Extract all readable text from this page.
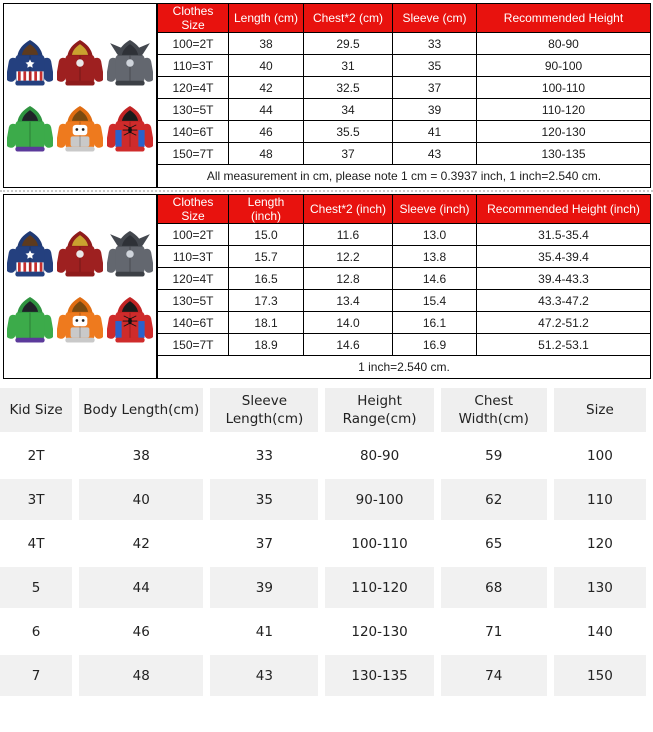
Clothes Size	Length (cm)	Chest*2 (cm)	Sleeve (cm)	Recommended Height
100=2T	38	29.5	33	80-90
110=3T	40	31	35	90-100
120=4T	42	32.5	37	100-110
130=5T	44	34	39	110-120
140=6T	46	35.5	41	120-130
150=7T	48	37	43	130-135
All measurement in cm, please note 1 cm = 0.3937 inch, 1 inch=2.540 cm.				
Clothes Size	Length (inch)	Chest*2 (inch)	Sleeve (inch)	Recommended Height (inch)
100=2T	15.0	11.6	13.0	31.5-35.4
110=3T	15.7	12.2	13.8	35.4-39.4
120=4T	16.5	12.8	14.6	39.4-43.3
130=5T	17.3	13.4	15.4	43.3-47.2
140=6T	18.1	14.0	16.1	47.2-51.2
150=7T	18.9	14.6	16.9	51.2-53.1
1 inch=2.540 cm.				
Kid Size	Body Length(cm)	Sleeve Length(cm)	Height Range(cm)	Chest Width(cm)	Size
2T	38	33	80-90	59	100
3T	40	35	90-100	62	110
4T	42	37	100-110	65	120
5	44	39	110-120	68	130
6	46	41	120-130	71	140
7	48	43	130-135	74	150
